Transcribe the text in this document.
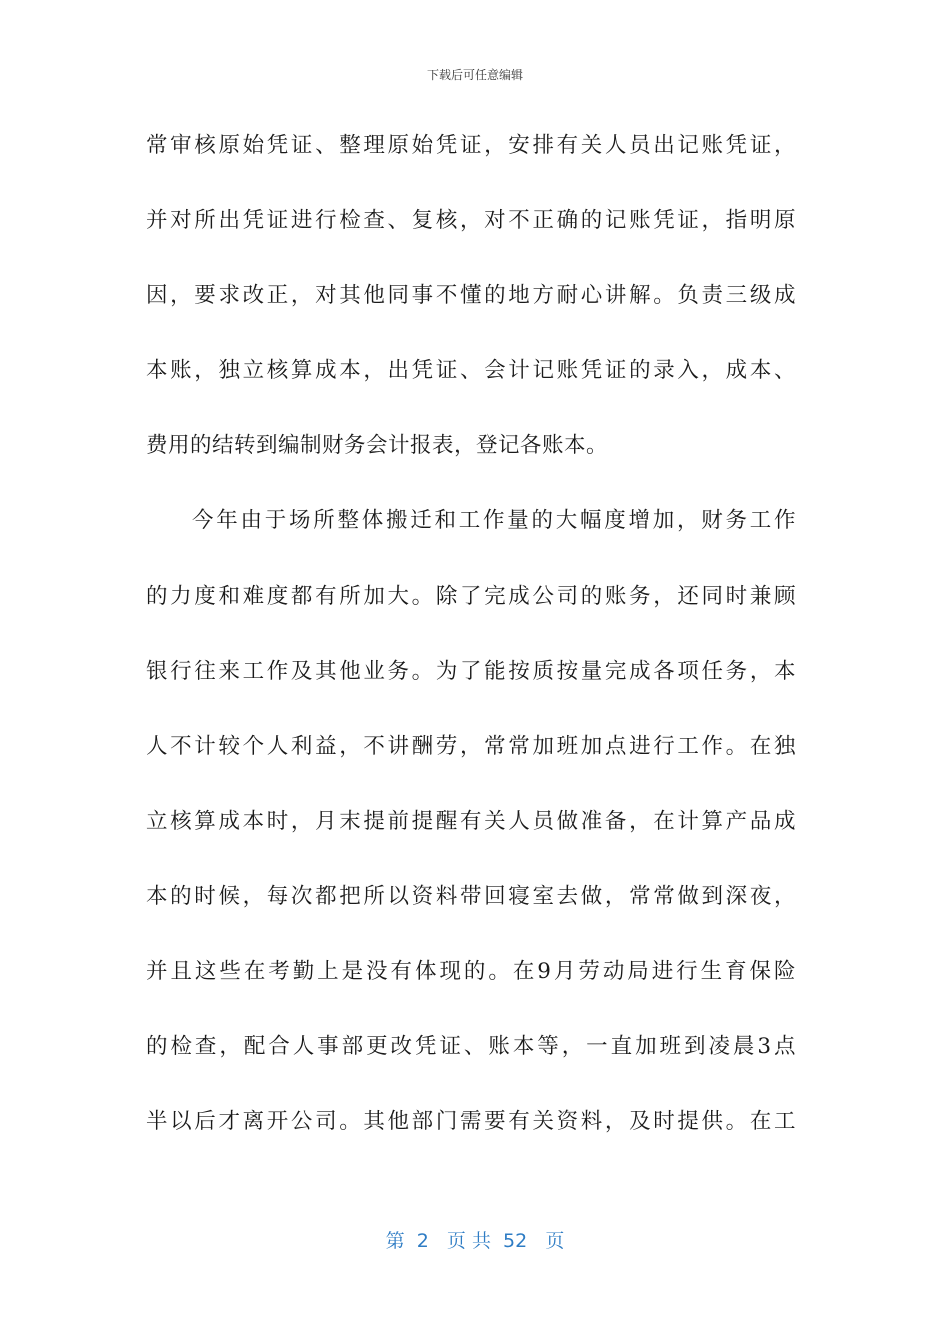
下载后可任意编辑
常审核原始凭证、整理原始凭证，安排有关人员出记账凭证，
并对所出凭证进行检查、复核，对不正确的记账凭证，指明原
因，要求改正，对其他同事不懂的地方耐心讲解。负责三级成
本账，独立核算成本，出凭证、会计记账凭证的录入，成本、
费用的结转到编制财务会计报表，登记各账本。
今年由于场所整体搬迁和工作量的大幅度增加，财务工作
的力度和难度都有所加大。除了完成公司的账务，还同时兼顾
银行往来工作及其他业务。为了能按质按量完成各项任务，本
人不计较个人利益，不讲酬劳，常常加班加点进行工作。在独
立核算成本时，月末提前提醒有关人员做准备，在计算产品成
本的时候，每次都把所以资料带回寝室去做，常常做到深夜，
并且这些在考勤上是没有体现的。在9月劳动局进行生育保险
的检查，配合人事部更改凭证、账本等，一直加班到凌晨3点
半以后才离开公司。其他部门需要有关资料，及时提供。在工
第  2   页 共  52   页
